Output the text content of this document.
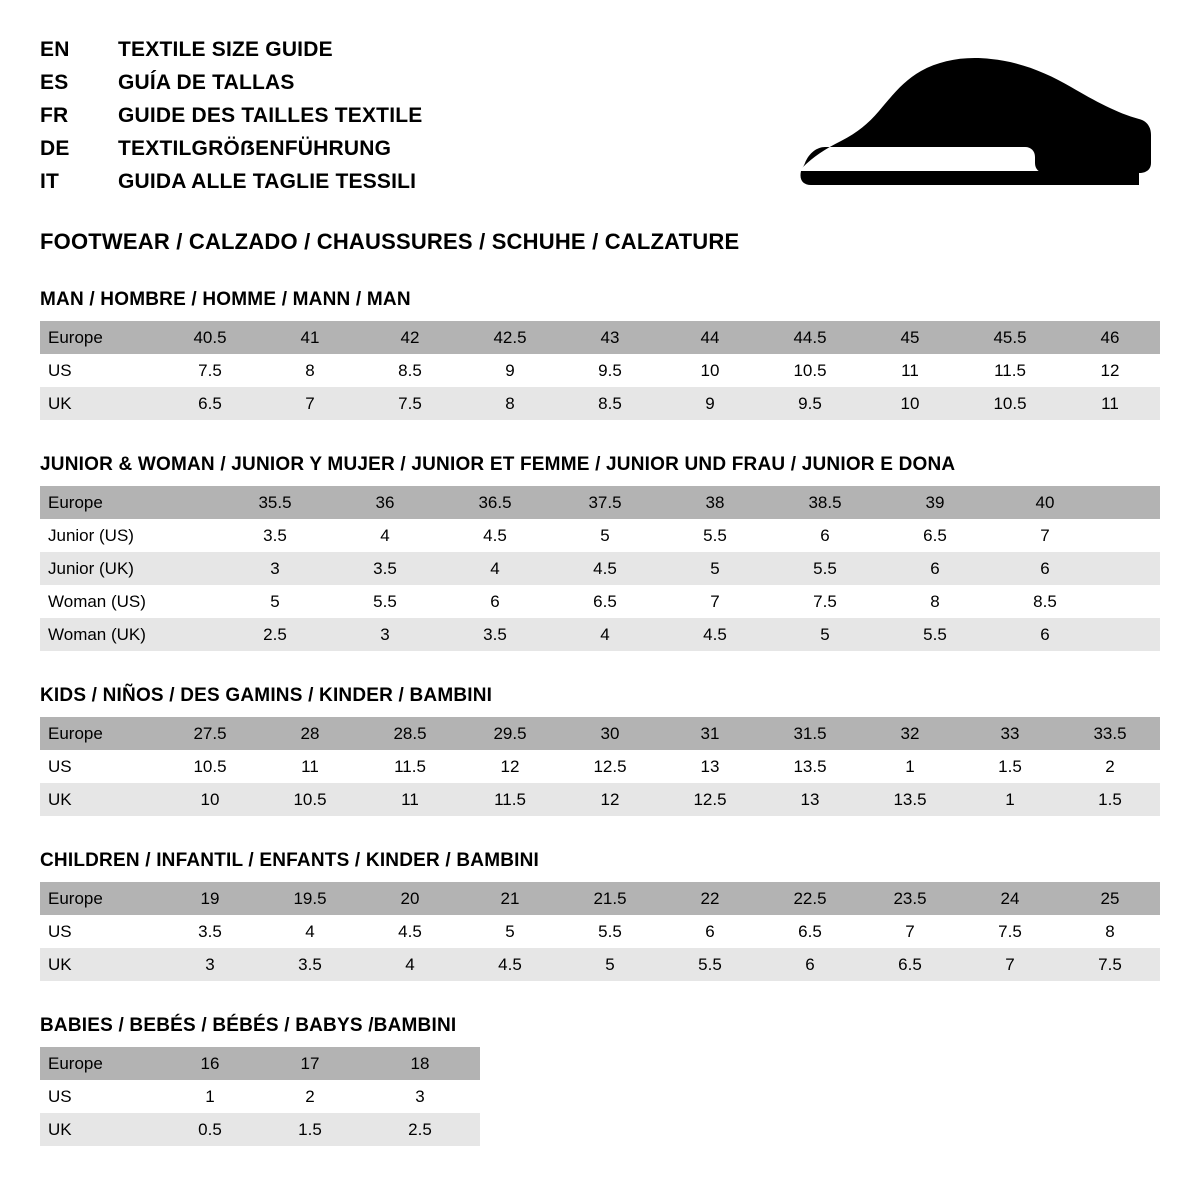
EN	TEXTILE SIZE GUIDE
ES	GUÍA DE TALLAS
FR	GUIDE DES TAILLES TEXTILE
DE	TEXTILGRÖẞENFÜHRUNG
IT	GUIDA ALLE TAGLIE TESSILI
FOOTWEAR / CALZADO / CHAUSSURES / SCHUHE / CALZATURE
MAN / HOMBRE / HOMME / MANN / MAN
Europe	40.5	41	42	42.5	43	44	44.5	45	45.5	46
US	7.5	8	8.5	9	9.5	10	10.5	11	11.5	12
UK	6.5	7	7.5	8	8.5	9	9.5	10	10.5	11
JUNIOR & WOMAN / JUNIOR Y MUJER / JUNIOR ET FEMME / JUNIOR UND FRAU / JUNIOR E DONA
Europe	35.5	36	36.5	37.5	38	38.5	39	40	
Junior (US)	3.5	4	4.5	5	5.5	6	6.5	7	
Junior (UK)	3	3.5	4	4.5	5	5.5	6	6	
Woman (US)	5	5.5	6	6.5	7	7.5	8	8.5	
Woman (UK)	2.5	3	3.5	4	4.5	5	5.5	6	
KIDS / NIÑOS / DES GAMINS / KINDER / BAMBINI
Europe	27.5	28	28.5	29.5	30	31	31.5	32	33	33.5
US	10.5	11	11.5	12	12.5	13	13.5	1	1.5	2
UK	10	10.5	11	11.5	12	12.5	13	13.5	1	1.5
CHILDREN / INFANTIL / ENFANTS / KINDER / BAMBINI
Europe	19	19.5	20	21	21.5	22	22.5	23.5	24	25
US	3.5	4	4.5	5	5.5	6	6.5	7	7.5	8
UK	3	3.5	4	4.5	5	5.5	6	6.5	7	7.5
BABIES / BEBÉS / BÉBÉS / BABYS /BAMBINI
Europe	16	17	18
US	1	2	3
UK	0.5	1.5	2.5
